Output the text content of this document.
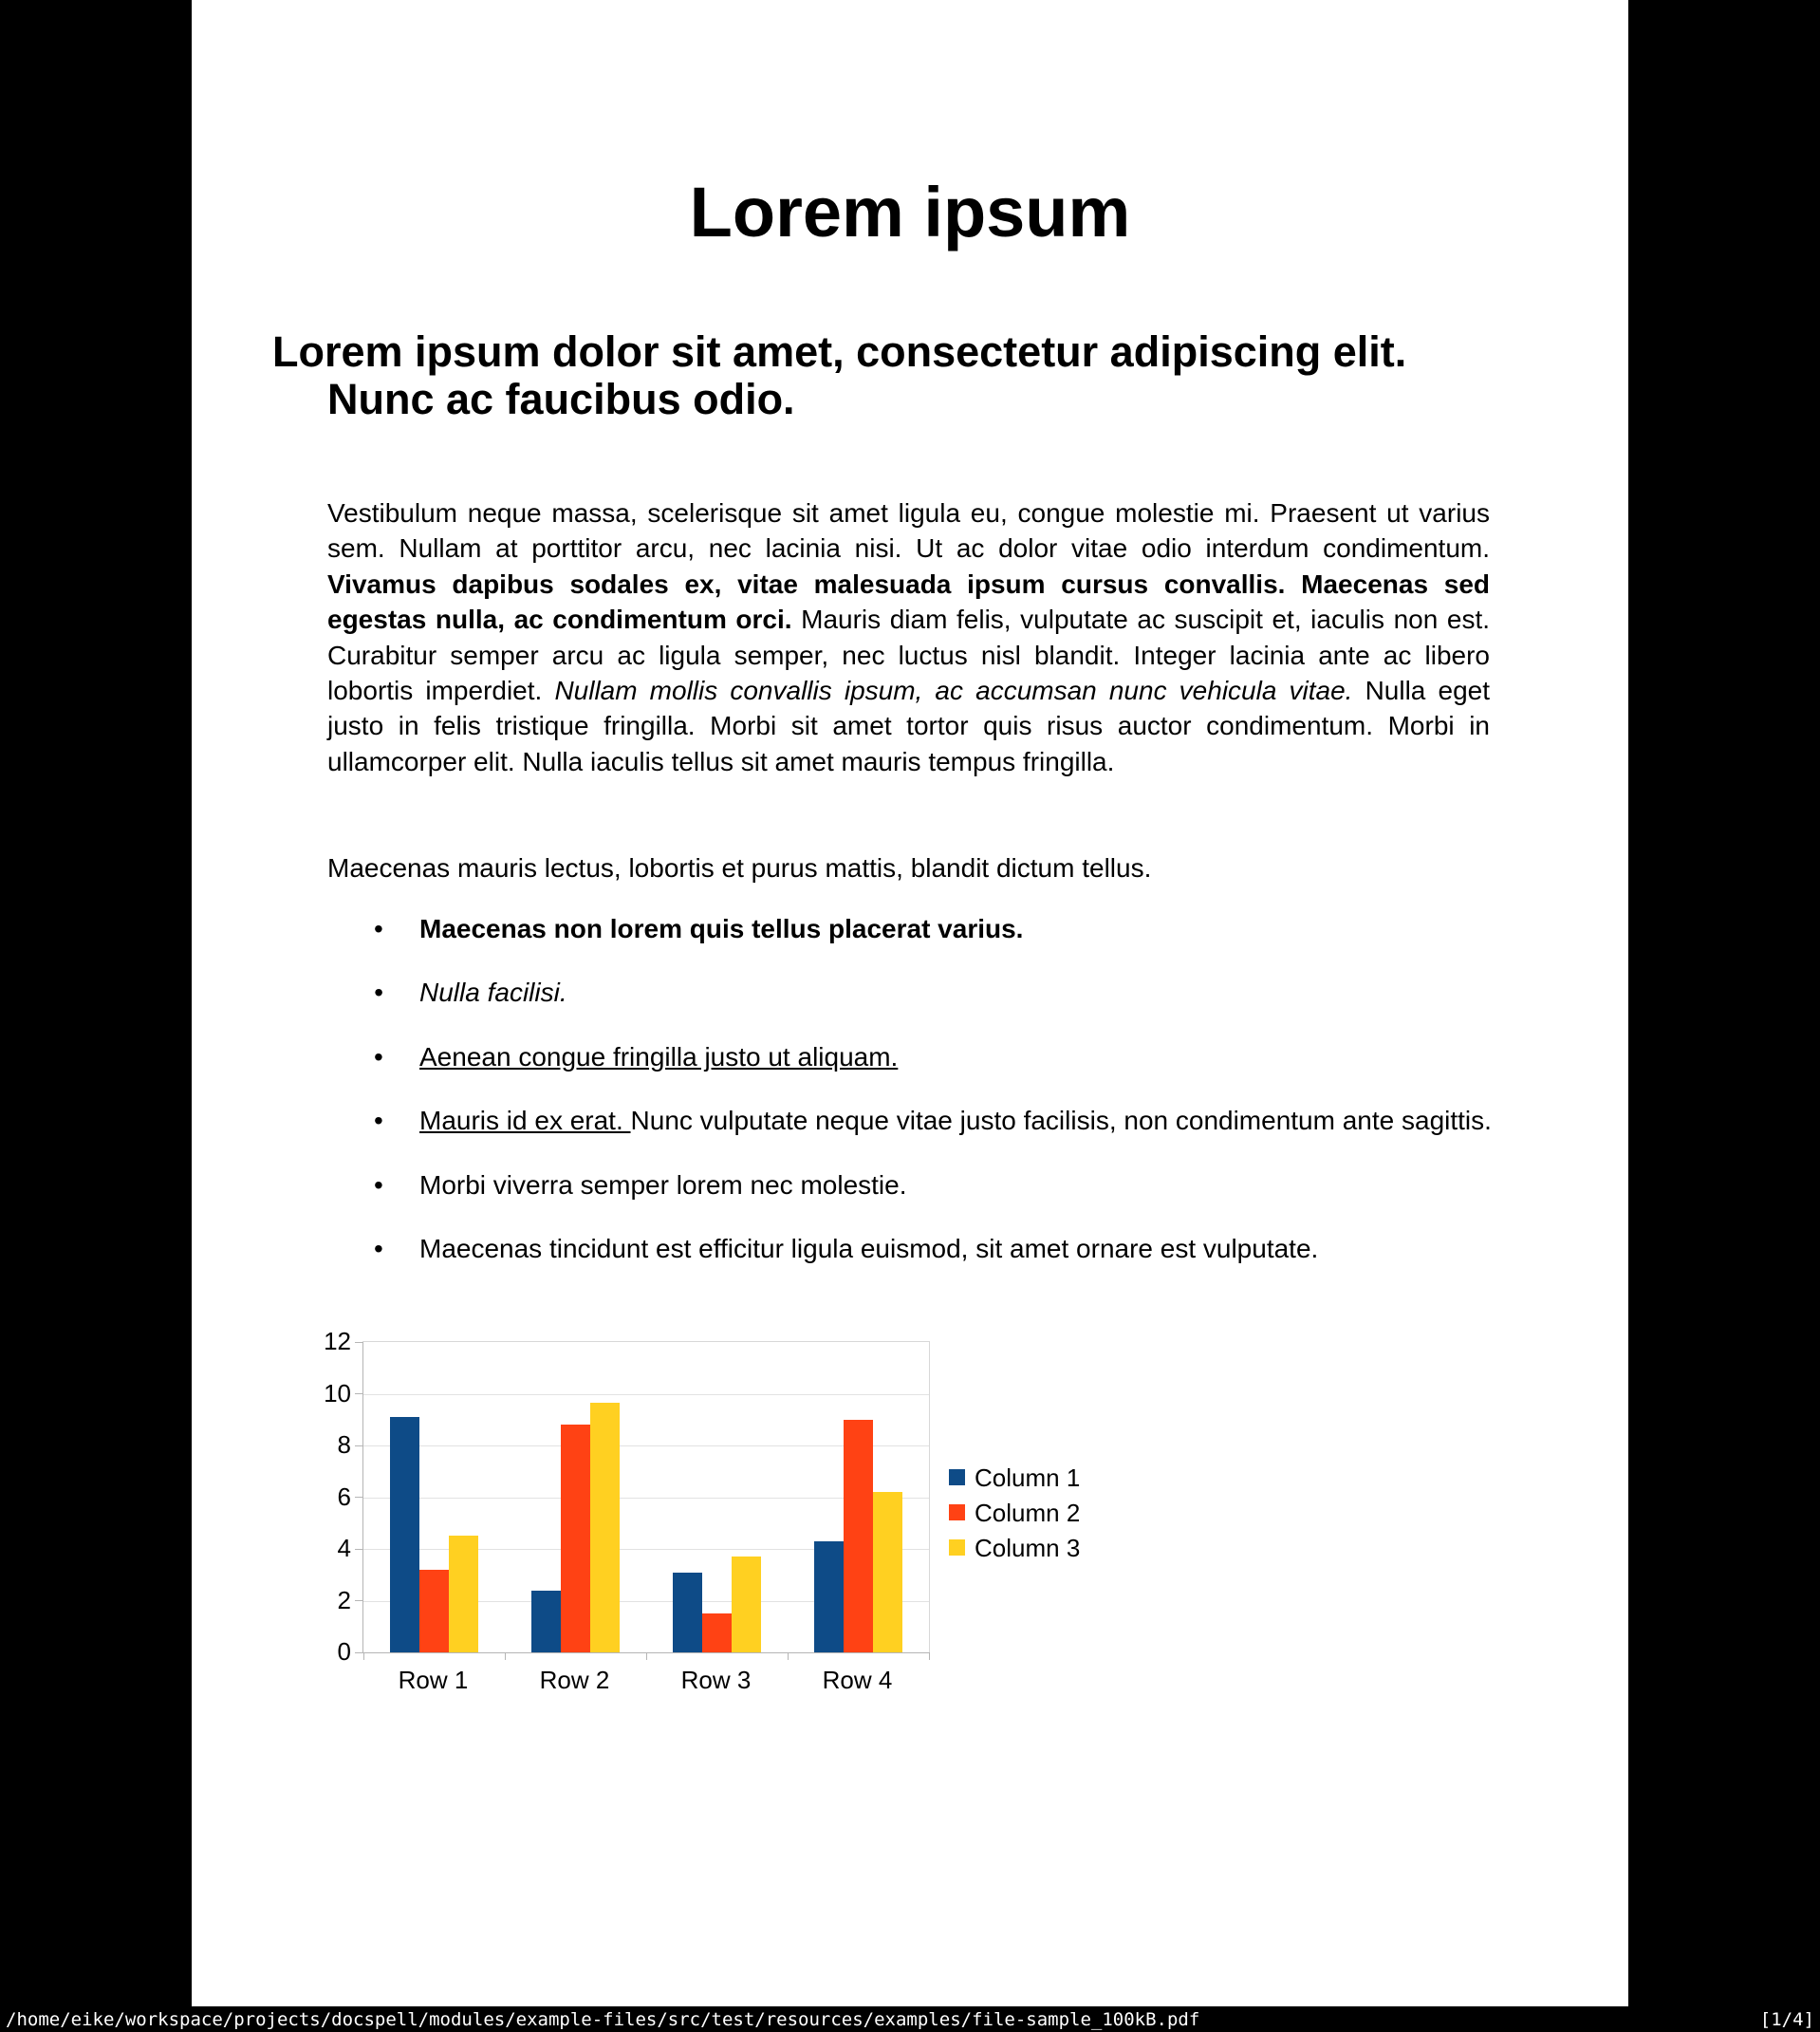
Lorem ipsum
Lorem ipsum dolor sit amet, consectetur adipiscing elit.
Nunc ac faucibus odio.
Vestibulum neque massa, scelerisque sit amet ligula eu, congue molestie mi. Praesent ut varius sem. Nullam at porttitor arcu, nec lacinia nisi. Ut ac dolor vitae odio interdum condimentum. Vivamus dapibus sodales ex, vitae malesuada ipsum cursus convallis. Maecenas sed egestas nulla, ac condimentum orci. Mauris diam felis, vulputate ac suscipit et, iaculis non est. Curabitur semper arcu ac ligula semper, nec luctus nisl blandit. Integer lacinia ante ac libero lobortis imperdiet. Nullam mollis convallis ipsum, ac accumsan nunc vehicula vitae. Nulla eget justo in felis tristique fringilla. Morbi sit amet tortor quis risus auctor condimentum. Morbi in ullamcorper elit. Nulla iaculis tellus sit amet mauris tempus fringilla.
Maecenas mauris lectus, lobortis et purus mattis, blandit dictum tellus.
• Maecenas non lorem quis tellus placerat varius.
• Nulla facilisi.
• Aenean congue fringilla justo ut aliquam.
• Mauris id ex erat. Nunc vulputate neque vitae justo facilisis, non condimentum ante sagittis.
• Morbi viverra semper lorem nec molestie.
• Maecenas tincidunt est efficitur ligula euismod, sit amet ornare est vulputate.
Column 1
Column 2
Column 3
0
2
4
6
8
10
12
Row 1	Row 2	Row 3	Row 4
/home/eike/workspace/projects/docspell/modules/example-files/src/test/resources/examples/file-sample_100kB.pdf	[1/4]
